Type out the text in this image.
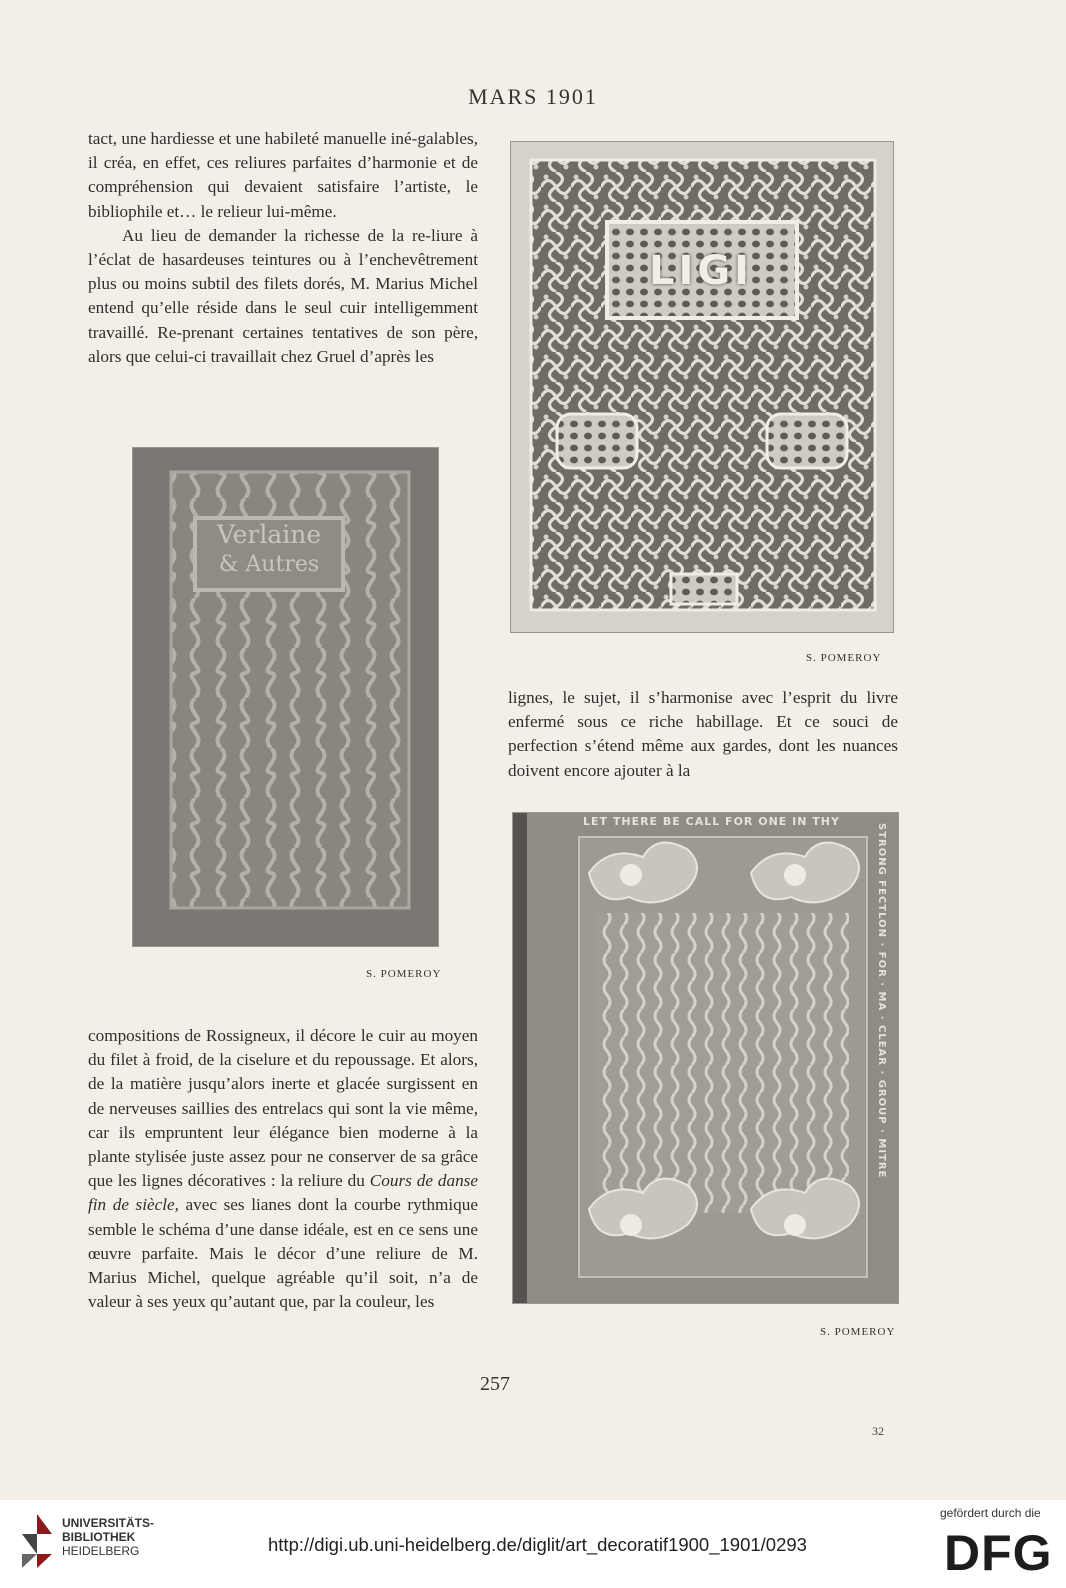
MARS 1901

tact, une hardiesse et une habileté manuelle iné-galables, il créa, en effet, ces reliures parfaites d’harmonie et de compréhension qui devaient satisfaire l’artiste, le bibliophile et… le relieur lui-même.

Au lieu de demander la richesse de la re-liure à l’éclat de hasardeuses teintures ou à l’enchevêtrement plus ou moins subtil des filets dorés, M. Marius Michel entend qu’elle réside dans le seul cuir intelligemment travaillé. Re-prenant certaines tentatives de son père, alors que celui-ci travaillait chez Gruel d’après les

LIGI
S. POMEROY
Verlaine
& Autres
S. POMEROY
lignes, le sujet, il s’harmonise avec l’esprit du livre enfermé sous ce riche habillage. Et ce souci de perfection s’étend même aux gardes, dont les nuances doivent encore ajouter à la
LET THERE BE CALL FOR ONE IN THY
STRONG FECTLON · FOR · MA · CLEAR · GROUP · MITRE
S. POMEROY
compositions de Rossigneux, il décore le cuir au moyen du filet à froid, de la ciselure et du repoussage. Et alors, de la matière jusqu’alors inerte et glacée surgissent en de nerveuses saillies des entrelacs qui sont la vie même, car ils empruntent leur élégance bien moderne à la plante stylisée juste assez pour ne conserver de sa grâce que les lignes décoratives : la reliure du Cours de danse fin de siècle, avec ses lianes dont la courbe rythmique semble le schéma d’une danse idéale, est en ce sens une œuvre parfaite. Mais le décor d’une reliure de M. Marius Michel, quelque agréable qu’il soit, n’a de valeur à ses yeux qu’autant que, par la couleur, les
257
32
UNIVERSITÄTS-
BIBLIOTHEK
HEIDELBERG	http://digi.ub.uni-heidelberg.de/diglit/art_decoratif1900_1901/0293
gefördert durch die
DFG
